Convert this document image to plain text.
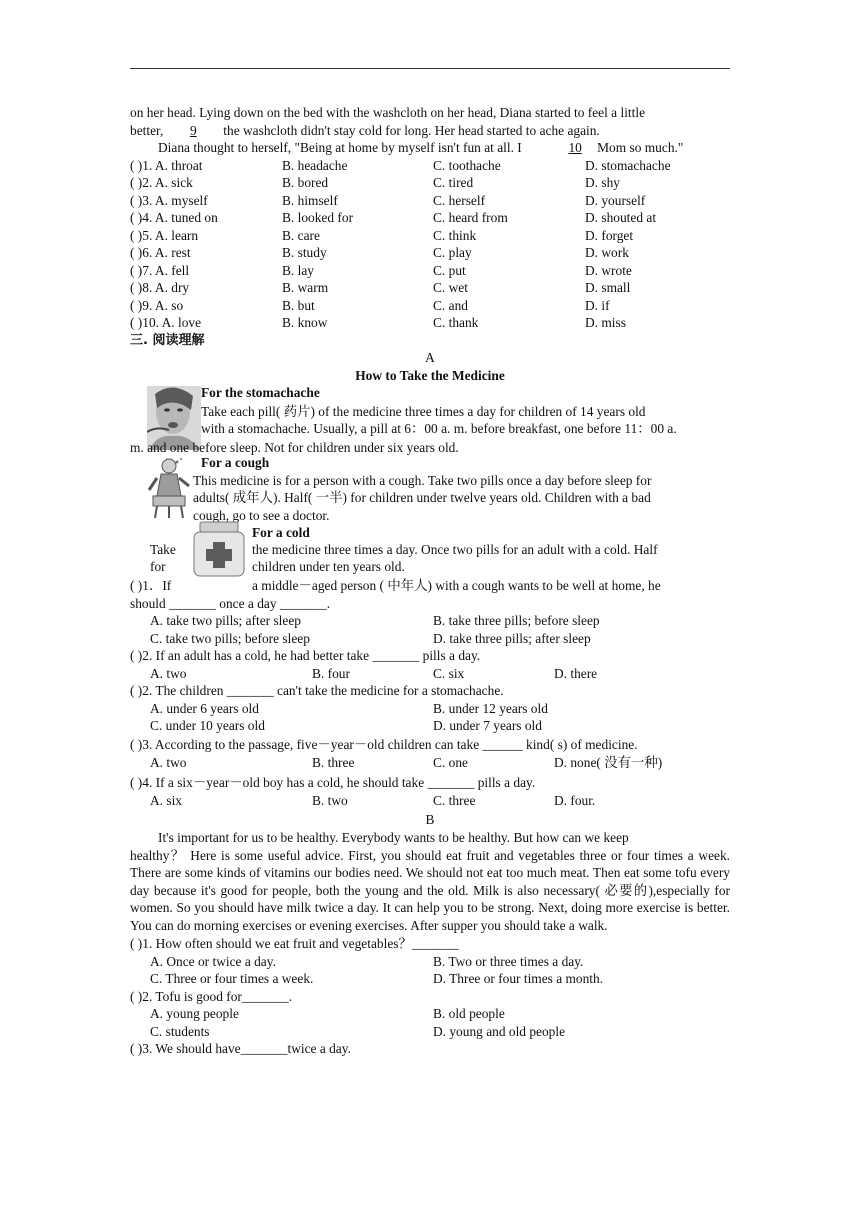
on her head. Lying down on the bed with the washcloth on her head, Diana started to feel a little

better, 9 the washcloth didn't stay cold for long. Her head started to ache again.

Diana thought to herself, "Being at home by myself isn't fun at all. I	10 Mom so much."

( )1. A. throat	B. headache	C. toothache	D. stomachache
( )2. A. sick	B. bored	C. tired	D. shy
( )3. A. myself	B. himself	C. herself	D. yourself
( )4. A. tuned on	B. looked for	C. heard from	D. shouted at
( )5. A. learn	B. care	C. think	D. forget
( )6. A. rest	B. study	C. play	D. work
( )7. A. fell	B. lay	C. put	D. wrote
( )8. A. dry	B. warm	C. wet	D. small
( )9. A. so	B. but	C. and	D. if
( )10. A. love	B. know	C. thank	D. miss

三. 阅读理解

A

How to Take the Medicine

For the stomachache

Take each pill( 药片) of the medicine three times a day for children of 14 years old

with a stomachache. Usually, a pill at 6：00 a. m. before breakfast, one before 11：00 a.

m. and one before sleep. Not for children under six years old.

For a cough

This medicine is for a person with a cough. Take two pills once a day before sleep for

adults( 成年人). Half( 一半) for children under twelve years old. Children with a bad

cough, go to see a doctor.

For a cold

Take	the medicine three times a day. Once two pills for an adult with a cold. Half

for	children under ten years old.

( )1．If	a middle－aged person ( 中年人) with a cough wants to be well at home, he

should _______ once a day _______.

A. take two pills; after sleep	B. take three pills; before sleep
C. take two pills; before sleep	D. take three pills; after sleep

( )2. If an adult has a cold, he had better take _______ pills a day.

A. two	B. four	C. six	D. there

( )2. The children _______ can't take the medicine for a stomachache.

A. under 6 years old	B. under 12 years old
C. under 10 years old	D. under 7 years old

( )3. According to the passage, five－year－old children can take ______ kind( s) of medicine.

A. two	B. three	C. one	D. none( 没有一种)

( )4. If a six－year－old boy has a cold, he should take _______ pills a day.

A. six	B. two	C. three	D. four.

B

It's important for us to be healthy. Everybody wants to be healthy. But how can we keep

healthy？ Here is some useful advice. First, you should eat fruit and vegetables three or four times a week. There are some kinds of vitamins our bodies need. We should not eat too much meat. Then eat some tofu every day because it's good for people, both the young and the old. Milk is also necessary( 必要的),especially for women. So you should have milk twice a day. It can help you to be strong. Next, doing more exercise is better. You can do morning exercises or evening exercises. After supper you should take a walk.

( )1. How often should we eat fruit and vegetables？_______

A. Once or twice a day.	B. Two or three times a day.
C. Three or four times a week.	D. Three or four times a month.

( )2. Tofu is good for_______.

A. young people	B. old people
C. students	D. young and old people

( )3. We should have_______twice a day.
